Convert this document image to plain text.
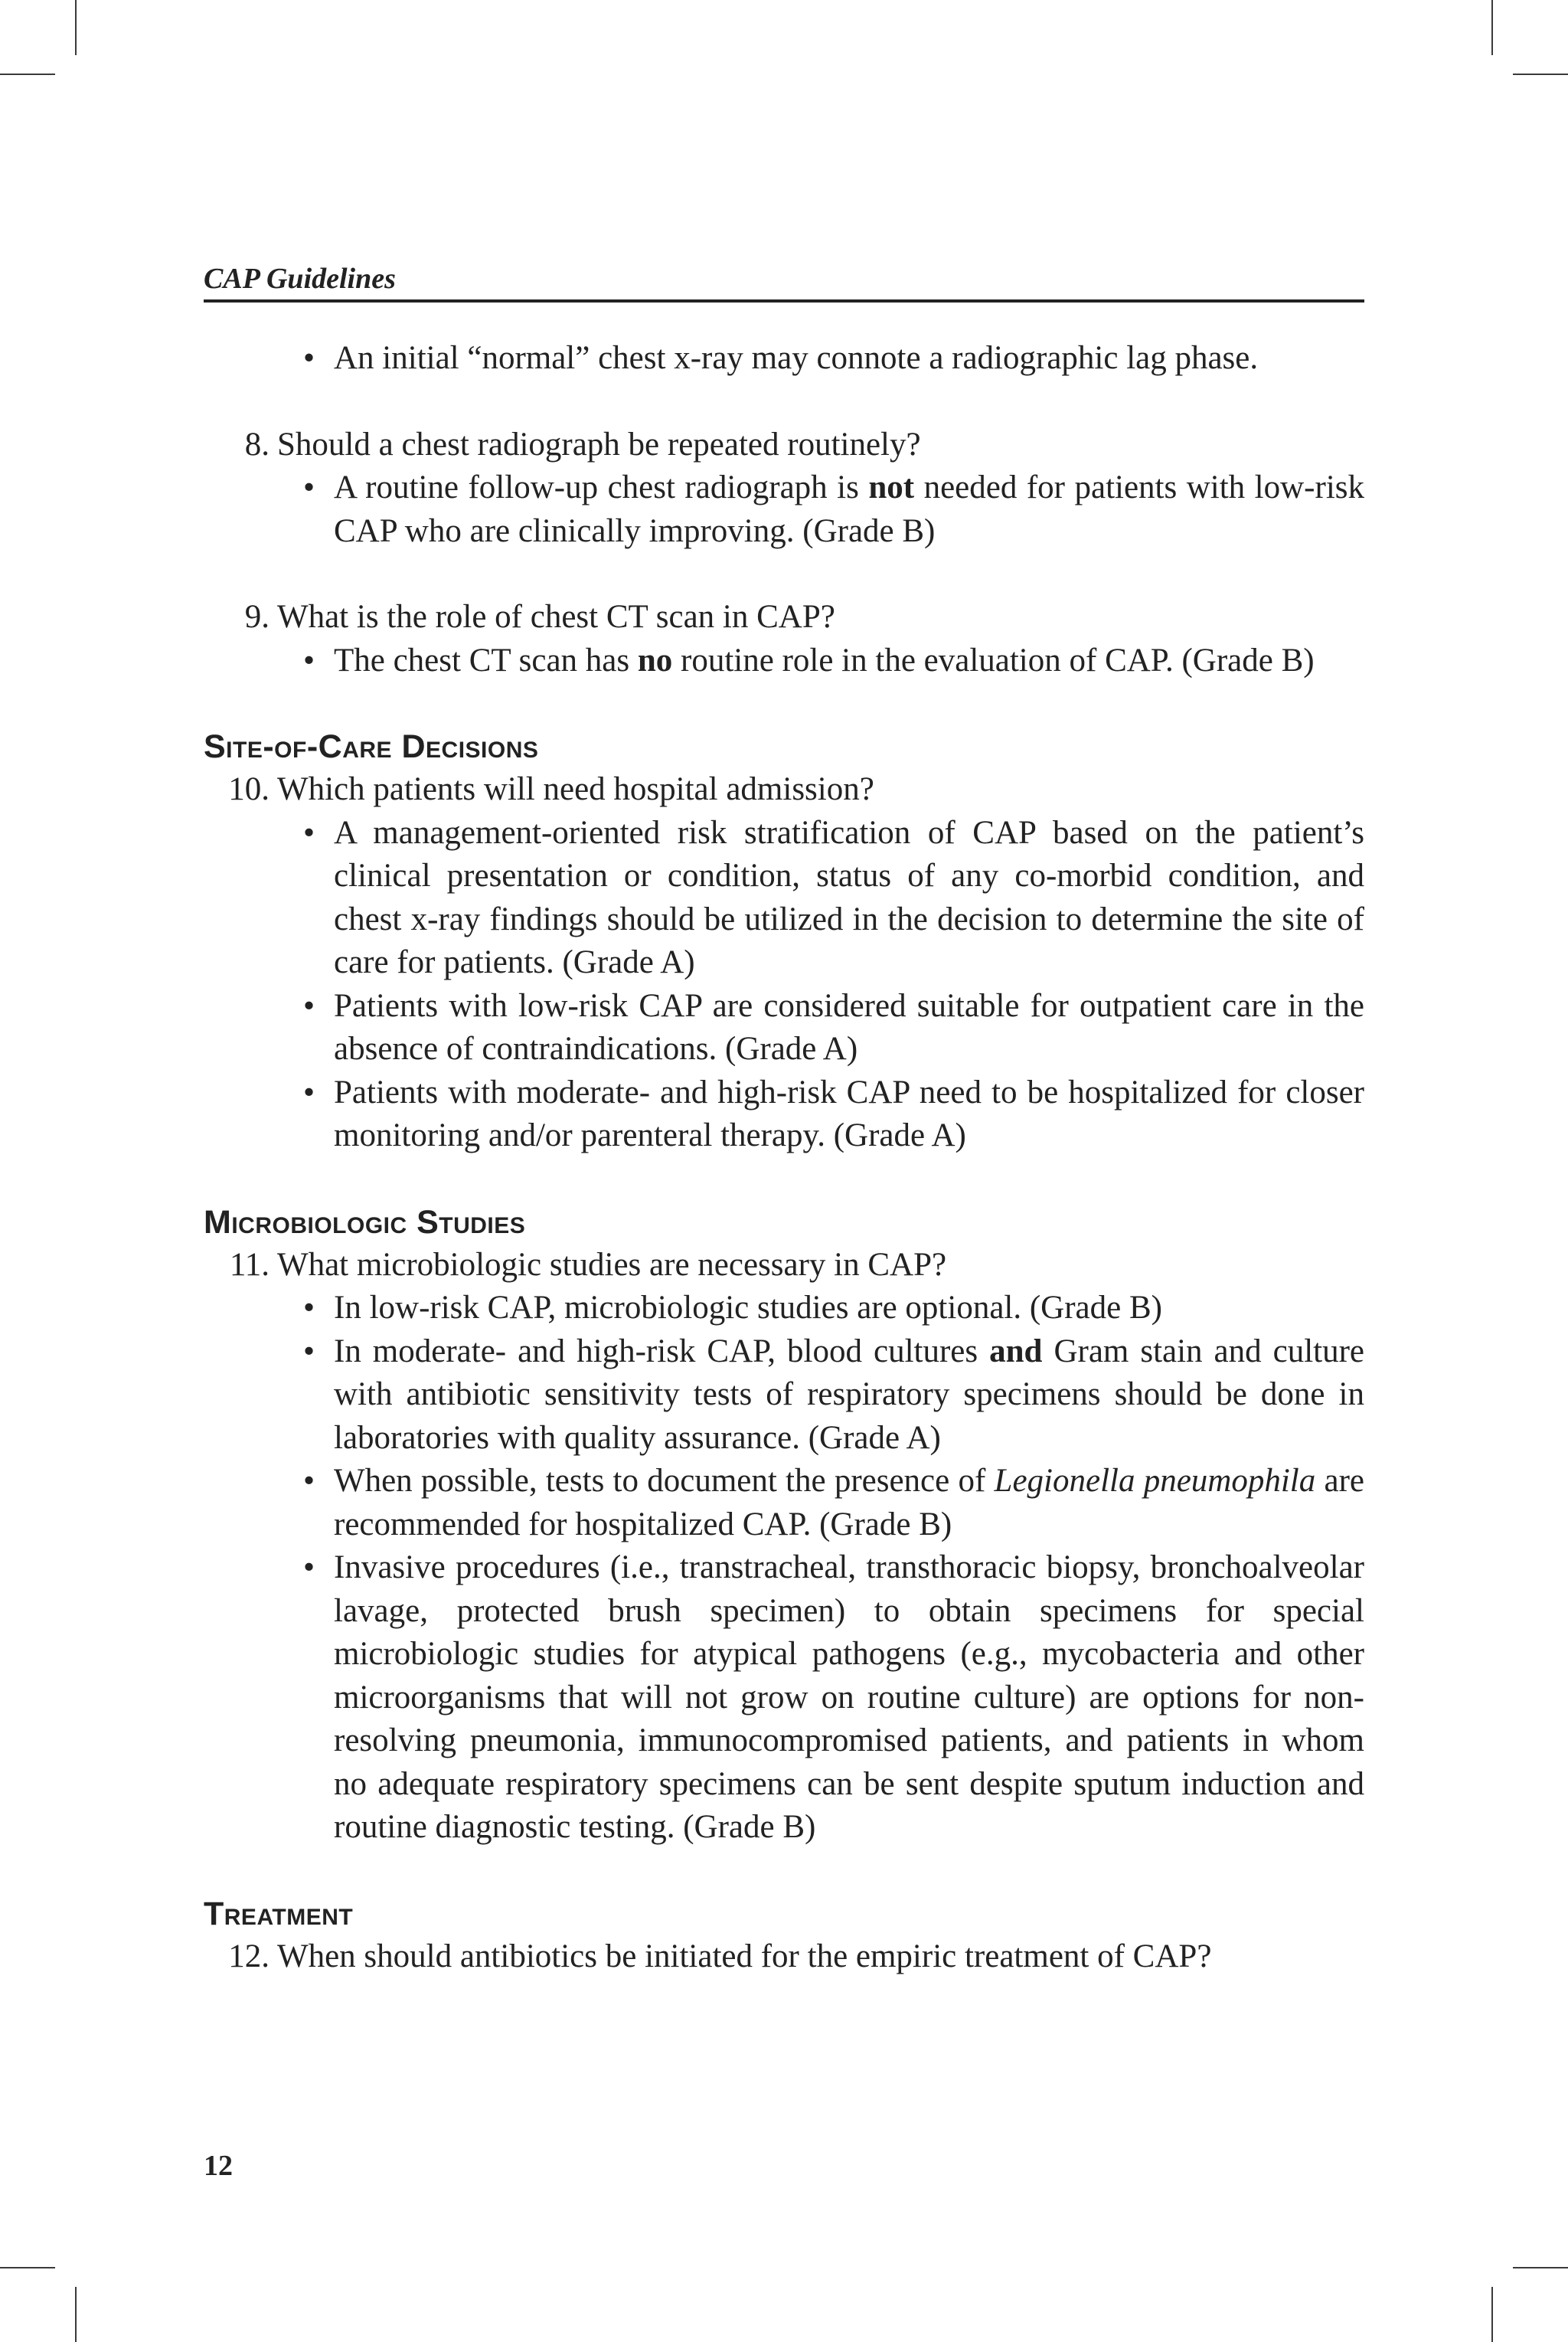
CAP Guidelines
• An initial “normal” chest x-ray may connote a radiographic lag phase.
8. Should a chest radiograph be repeated routinely?
• A routine follow-up chest radiograph is not needed for patients with low-risk CAP who are clinically improving. (Grade B)
9. What is the role of chest CT scan in CAP?
• The chest CT scan has no routine role in the evaluation of CAP. (Grade B)
Site-of-Care Decisions
10. Which patients will need hospital admission?
• A management-oriented risk stratification of CAP based on the patient’s clinical presentation or condition, status of any co-morbid condition, and chest x-ray findings should be utilized in the decision to determine the site of care for patients. (Grade A)
• Patients with low-risk CAP are considered suitable for outpatient care in the absence of contraindications. (Grade A)
• Patients with moderate- and high-risk CAP need to be hospitalized for closer monitoring and/or parenteral therapy. (Grade A)
Microbiologic Studies
11. What microbiologic studies are necessary in CAP?
• In low-risk CAP, microbiologic studies are optional. (Grade B)
• In moderate- and high-risk CAP, blood cultures and Gram stain and culture with antibiotic sensitivity tests of respiratory specimens should be done in laboratories with quality assurance. (Grade A)
• When possible, tests to document the presence of Legionella pneumophila are recommended for hospitalized CAP. (Grade B)
• Invasive procedures (i.e., transtracheal, transthoracic biopsy, bronchoalveolar lavage, protected brush specimen) to obtain specimens for special microbiologic studies for atypical pathogens (e.g., mycobacteria and other microorganisms that will not grow on routine culture) are options for non-resolving pneumonia, immunocompromised patients, and patients in whom no adequate respiratory specimens can be sent despite sputum induction and routine diagnostic testing. (Grade B)
Treatment
12. When should antibiotics be initiated for the empiric treatment of CAP?
12
